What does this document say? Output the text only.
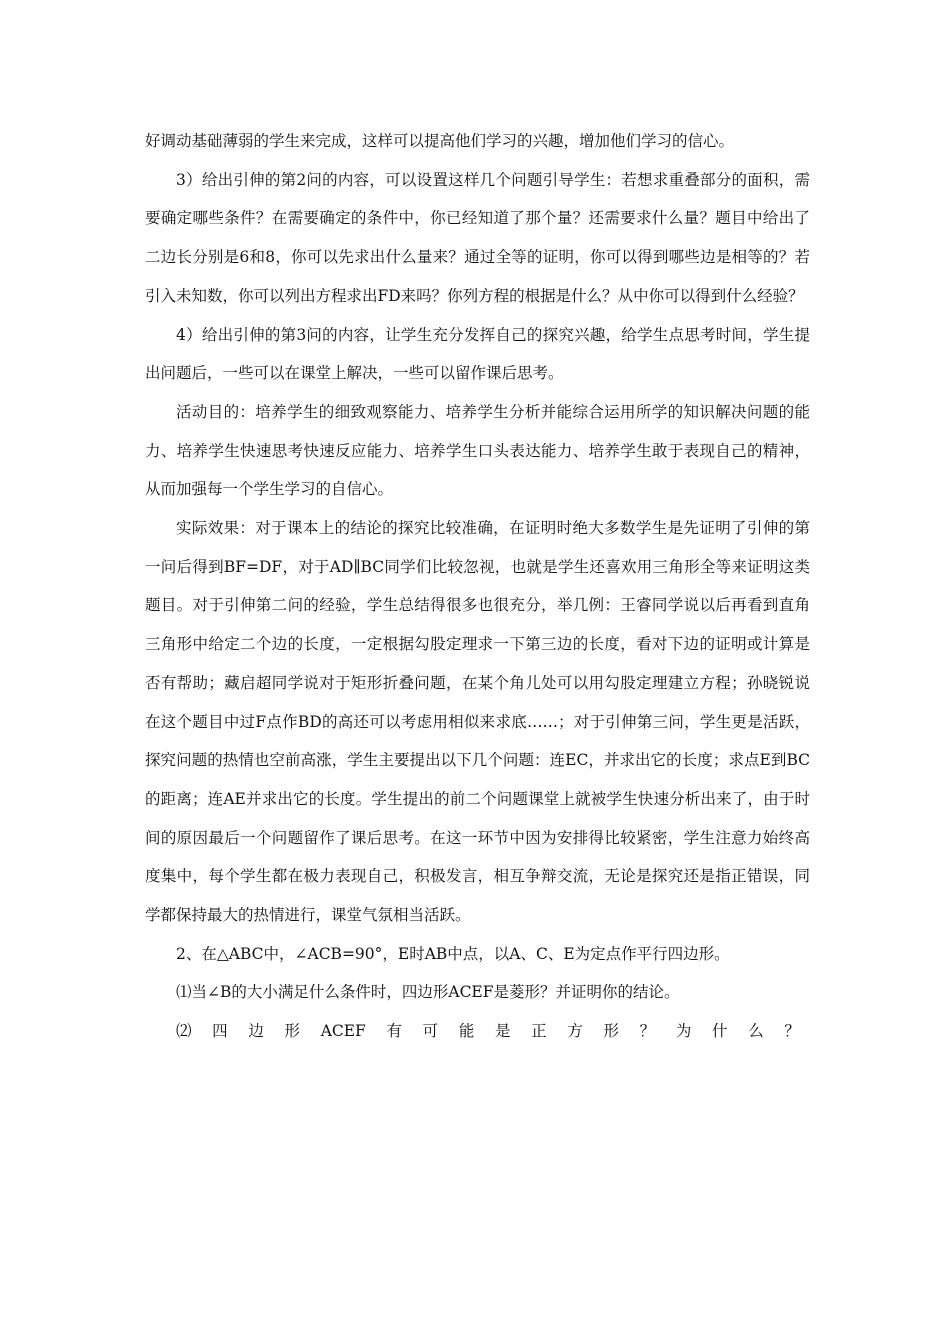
好调动基础薄弱的学生来完成，这样可以提高他们学习的兴趣，增加他们学习的信心。

3）给出引伸的第2问的内容，可以设置这样几个问题引导学生：若想求重叠部分的面积，需要确定哪些条件？在需要确定的条件中，你已经知道了那个量？还需要求什么量？题目中给出了二边长分别是6和8，你可以先求出什么量来？通过全等的证明，你可以得到哪些边是相等的？若引入未知数，你可以列出方程求出FD来吗？你列方程的根据是什么？从中你可以得到什么经验？

4）给出引伸的第3问的内容，让学生充分发挥自己的探究兴趣，给学生点思考时间，学生提出问题后，一些可以在课堂上解决，一些可以留作课后思考。

活动目的：培养学生的细致观察能力、培养学生分析并能综合运用所学的知识解决问题的能力、培养学生快速思考快速反应能力、培养学生口头表达能力、培养学生敢于表现自己的精神，从而加强每一个学生学习的自信心。

实际效果：对于课本上的结论的探究比较准确，在证明时绝大多数学生是先证明了引伸的第一问后得到BF=DF，对于AD∥BC同学们比较忽视，也就是学生还喜欢用三角形全等来证明这类题目。对于引伸第二问的经验，学生总结得很多也很充分，举几例：王睿同学说以后再看到直角三角形中给定二个边的长度，一定根据勾股定理求一下第三边的长度，看对下边的证明或计算是否有帮助；藏启超同学说对于矩形折叠问题，在某个角儿处可以用勾股定理建立方程；孙晓锐说在这个题目中过F点作BD的高还可以考虑用相似来求底……；对于引伸第三问，学生更是活跃，探究问题的热情也空前高涨，学生主要提出以下几个问题：连EC，并求出它的长度；求点E到BC的距离；连AE并求出它的长度。学生提出的前二个问题课堂上就被学生快速分析出来了，由于时间的原因最后一个问题留作了课后思考。在这一环节中因为安排得比较紧密，学生注意力始终高度集中，每个学生都在极力表现自己，积极发言，相互争辩交流，无论是探究还是指正错误，同学都保持最大的热情进行，课堂气氛相当活跃。

2、在△ABC中，∠ACB=90°，E时AB中点，以A、C、E为定点作平行四边形。

⑴当∠B的大小满足什么条件时，四边形ACEF是菱形？并证明你的结论。

⑵ 四 边 形 ACEF 有 可 能 是 正 方 形 ？ 为 什 么 ？
